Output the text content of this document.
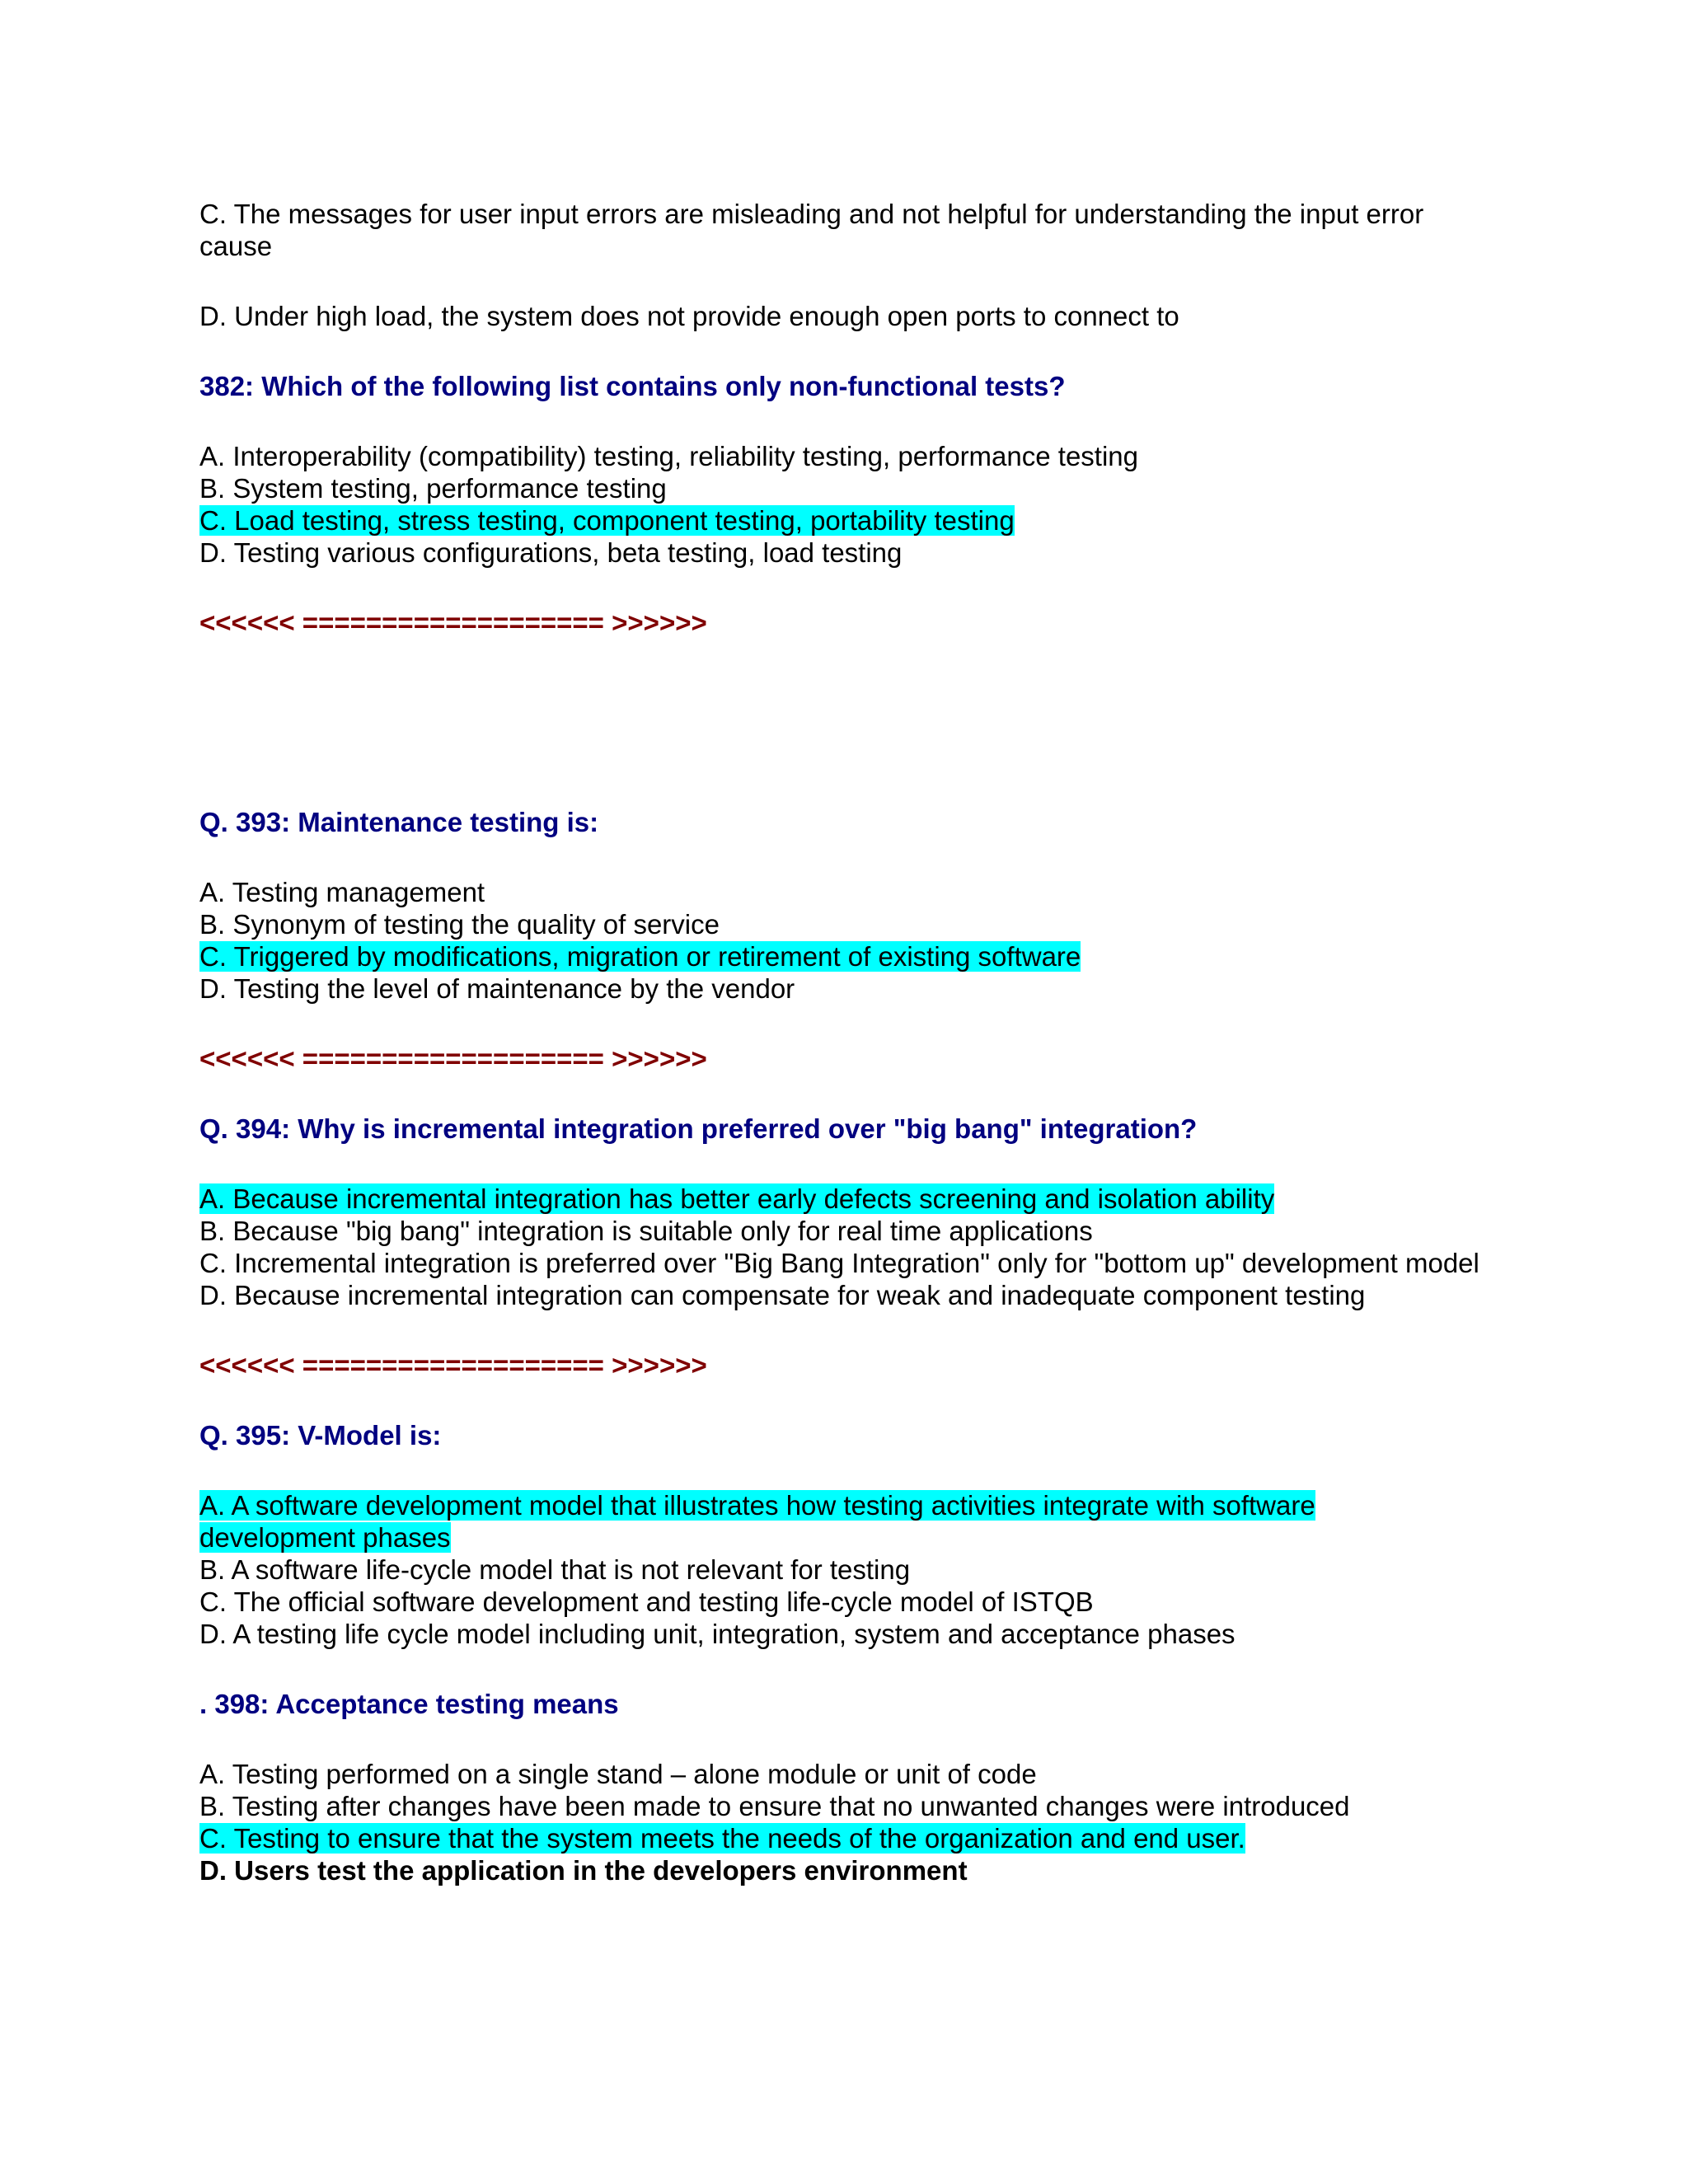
C. The messages for user input errors are misleading and not helpful for understanding the input error cause
D. Under high load, the system does not provide enough open ports to connect to
382: Which of the following list contains only non-functional tests?
A. Interoperability (compatibility) testing, reliability testing, performance testing
B. System testing, performance testing
C. Load testing, stress testing, component testing, portability testing
D. Testing various configurations, beta testing, load testing
<<<<<< =================== >>>>>>
Q. 393: Maintenance testing is:
A. Testing management
B. Synonym of testing the quality of service
C. Triggered by modifications, migration or retirement of existing software
D. Testing the level of maintenance by the vendor
<<<<<< =================== >>>>>>
Q. 394: Why is incremental integration preferred over "big bang" integration?
A. Because incremental integration has better early defects screening and isolation ability
B. Because "big bang" integration is suitable only for real time applications
C. Incremental integration is preferred over "Big Bang Integration" only for "bottom up" development model
D. Because incremental integration can compensate for weak and inadequate component testing
<<<<<< =================== >>>>>>
Q. 395: V-Model is:
A. A software development model that illustrates how testing activities integrate with software development phases
B. A software life-cycle model that is not relevant for testing
C. The official software development and testing life-cycle model of ISTQB
D. A testing life cycle model including unit, integration, system and acceptance phases
. 398: Acceptance testing means
A. Testing performed on a single stand – alone module or unit of code
B. Testing after changes have been made to ensure that no unwanted changes were introduced
C. Testing to ensure that the system meets the needs of the organization and end user.
D. Users test the application in the developers environment
